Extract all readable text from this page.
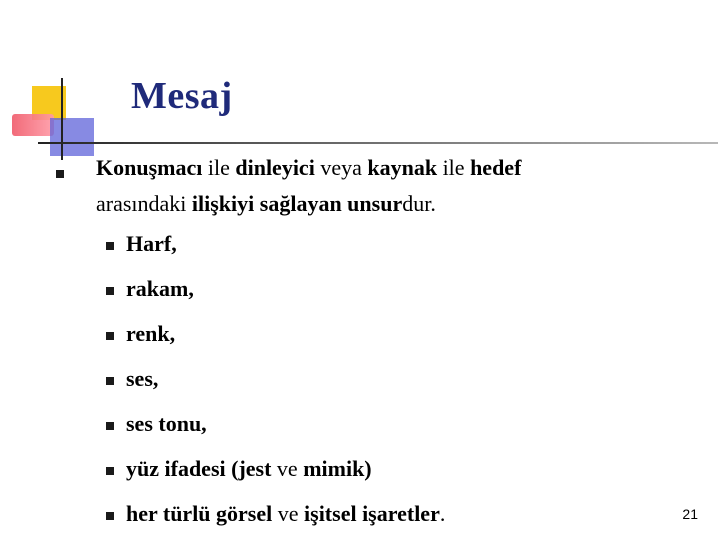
Mesaj
Konuşmacı ile dinleyici veya kaynak ile hedef
arasındaki ilişkiyi sağlayan unsurdur.
Harf,
rakam,
renk,
ses,
ses tonu,
yüz ifadesi (jest ve mimik)
her türlü görsel ve işitsel işaretler.	21
